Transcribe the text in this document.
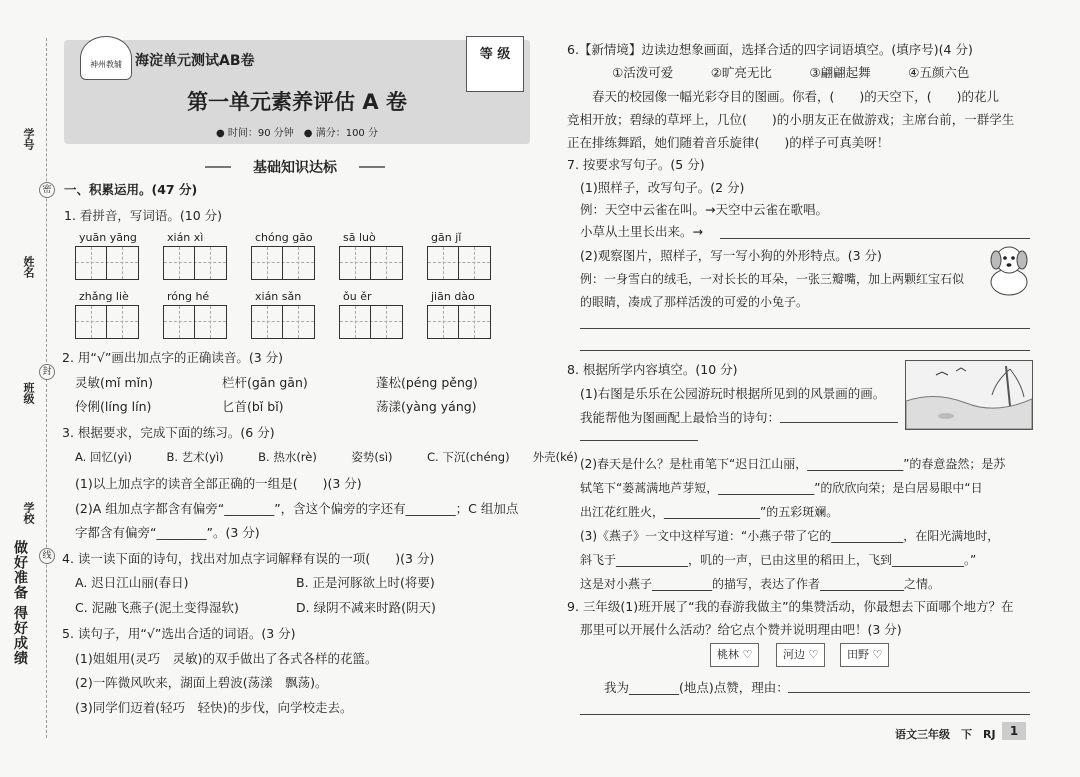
学号
姓名
班级
学校
密
封
线
做好准备 得好成绩
神州教辅 海淀单元测试AB卷	等 级
第一单元素养评估 A 卷
● 时间：90 分钟　● 满分：100 分
基础知识达标
一、积累运用。(47 分)
1. 看拼音，写词语。(10 分)
yuān yāng	xián xì	chóng gāo	sā luò	gān jǐ
zhǎng liè	róng hé	xián sǎn	ǒu ěr	jiān dào
2. 用“√”画出加点字的正确读音。(3 分)
灵敏(mǐ mǐn)	栏杆(gān gān)	蓬松(péng pěng)
伶俐(líng lín)	匕首(bǐ bǐ)	荡漾(yàng yáng)
3. 根据要求，完成下面的练习。(6 分)
A. 回忆(yì)　　　B. 艺术(yì)　　　B. 热水(rè)　　　姿势(sì)　　　C. 下沉(chéng)　　外壳(ké)
(1)以上加点字的读音全部正确的一组是(　　)(3 分)
(2)A 组加点字都含有偏旁“________”，含这个偏旁的字还有________；C 组加点
字都含有偏旁“________”。(3 分)
4. 读一读下面的诗句，找出对加点字词解释有误的一项(　　)(3 分)
A. 迟日江山丽(春日)	B. 正是河豚欲上时(将要)
C. 泥融飞燕子(泥土变得湿软)	D. 绿阴不减来时路(阴天)
5. 读句子，用“√”选出合适的词语。(3 分)
(1)姐姐用(灵巧　灵敏)的双手做出了各式各样的花篮。
(2)一阵微风吹来，湖面上碧波(荡漾　飘荡)。
(3)同学们迈着(轻巧　轻快)的步伐，向学校走去。
6.【新情境】边读边想象画面，选择合适的四字词语填空。(填序号)(4 分)
①活泼可爱　　　②旷亮无比　　　③翩翩起舞　　　④五颜六色
　　春天的校园像一幅光彩夺目的图画。你看，(　　)的天空下，(　　)的花儿
竞相开放；碧绿的草坪上，几位(　　)的小朋友正在做游戏；主席台前，一群学生
正在排练舞蹈，她们随着音乐旋律(　　)的样子可真美呀！
7. 按要求写句子。(5 分)
(1)照样子，改写句子。(2 分)
例：天空中云雀在叫。→天空中云雀在歌唱。
小草从土里长出来。→
(2)观察图片，照样子，写一写小狗的外形特点。(3 分)
例：一身雪白的绒毛，一对长长的耳朵，一张三瓣嘴，加上两颗红宝石似
的眼睛，凑成了那样活泼的可爱的小兔子。
8. 根据所学内容填空。(10 分)
(1)右图是乐乐在公园游玩时根据所见到的风景画的画。
我能帮他为图画配上最恰当的诗句：
(2)春天是什么？是杜甫笔下“迟日江山丽，________________”的春意盎然；是苏
轼笔下“蒌蒿满地芦芽短，________________”的欣欣向荣；是白居易眼中“日
出江花红胜火，________________”的五彩斑斓。
(3)《燕子》一文中这样写道：“小燕子带了它的____________，在阳光满地时，
斜飞于____________，叽的一声，已由这里的稻田上，飞到____________。”
这是对小燕子__________的描写，表达了作者______________之情。
9. 三年级(1)班开展了“我的春游我做主”的集赞活动，你最想去下面哪个地方？在
那里可以开展什么活动？给它点个赞并说明理由吧！(3 分)
桃林 ♡	河边 ♡	田野 ♡
我为________(地点)点赞，理由：
语文三年级　下　RJ	1
